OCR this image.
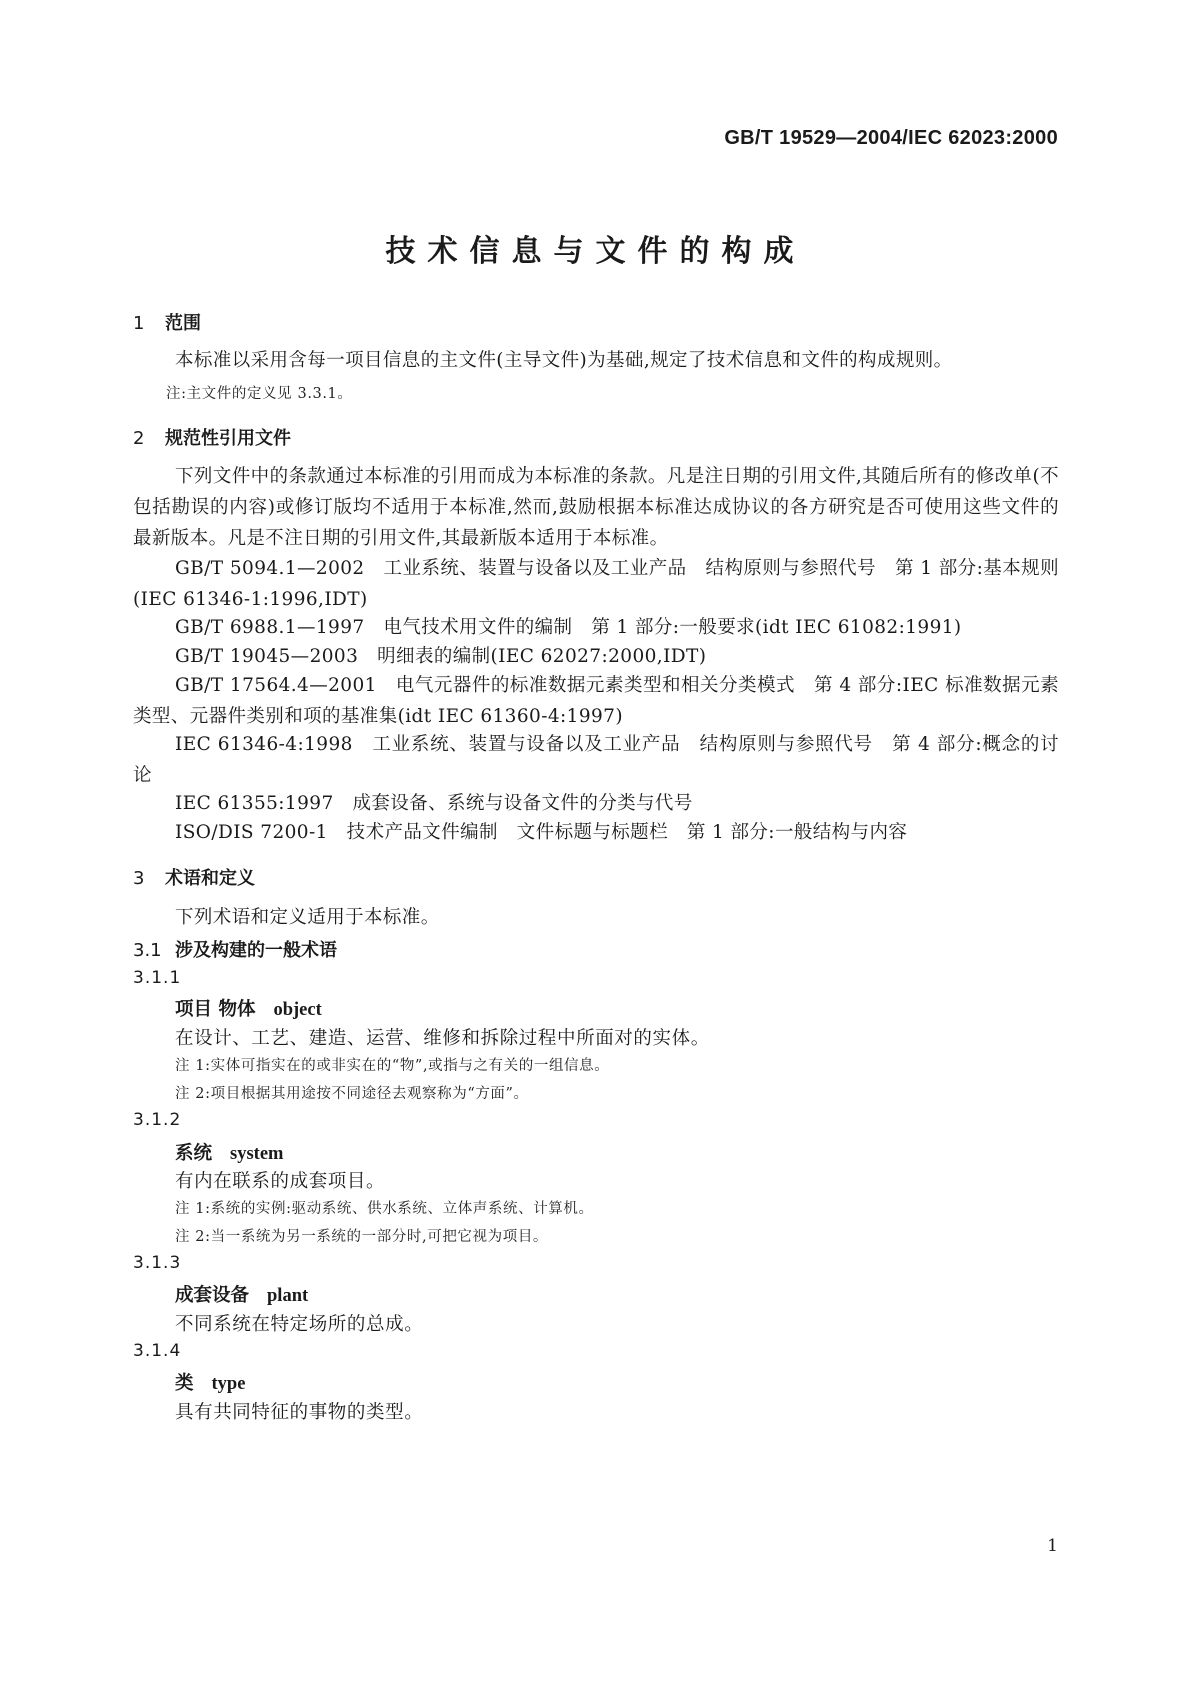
GB/T 19529—2004/IEC 62023:2000
技术信息与文件的构成
1 范围
本标准以采用含每一项目信息的主文件(主导文件)为基础,规定了技术信息和文件的构成规则。
注:主文件的定义见 3.3.1。
2 规范性引用文件
下列文件中的条款通过本标准的引用而成为本标准的条款。凡是注日期的引用文件,其随后所有的修改单(不包括勘误的内容)或修订版均不适用于本标准,然而,鼓励根据本标准达成协议的各方研究是否可使用这些文件的最新版本。凡是不注日期的引用文件,其最新版本适用于本标准。
GB/T 5094.1—2002　工业系统、装置与设备以及工业产品　结构原则与参照代号　第 1 部分:基本规则(IEC 61346-1:1996,IDT)
GB/T 6988.1—1997　电气技术用文件的编制　第 1 部分:一般要求(idt IEC 61082:1991)
GB/T 19045—2003　明细表的编制(IEC 62027:2000,IDT)
GB/T 17564.4—2001　电气元器件的标准数据元素类型和相关分类模式　第 4 部分:IEC 标准数据元素类型、元器件类别和项的基准集(idt IEC 61360-4:1997)
IEC 61346-4:1998　工业系统、装置与设备以及工业产品　结构原则与参照代号　第 4 部分:概念的讨论
IEC 61355:1997　成套设备、系统与设备文件的分类与代号
ISO/DIS 7200-1　技术产品文件编制　文件标题与标题栏　第 1 部分:一般结构与内容
3 术语和定义
下列术语和定义适用于本标准。
3.1 涉及构建的一般术语
3.1.1
项目 物体 object
在设计、工艺、建造、运营、维修和拆除过程中所面对的实体。
注 1:实体可指实在的或非实在的“物”,或指与之有关的一组信息。
注 2:项目根据其用途按不同途径去观察称为“方面”。
3.1.2
系统 system
有内在联系的成套项目。
注 1:系统的实例:驱动系统、供水系统、立体声系统、计算机。
注 2:当一系统为另一系统的一部分时,可把它视为项目。
3.1.3
成套设备 plant
不同系统在特定场所的总成。
3.1.4
类 type
具有共同特征的事物的类型。
1
